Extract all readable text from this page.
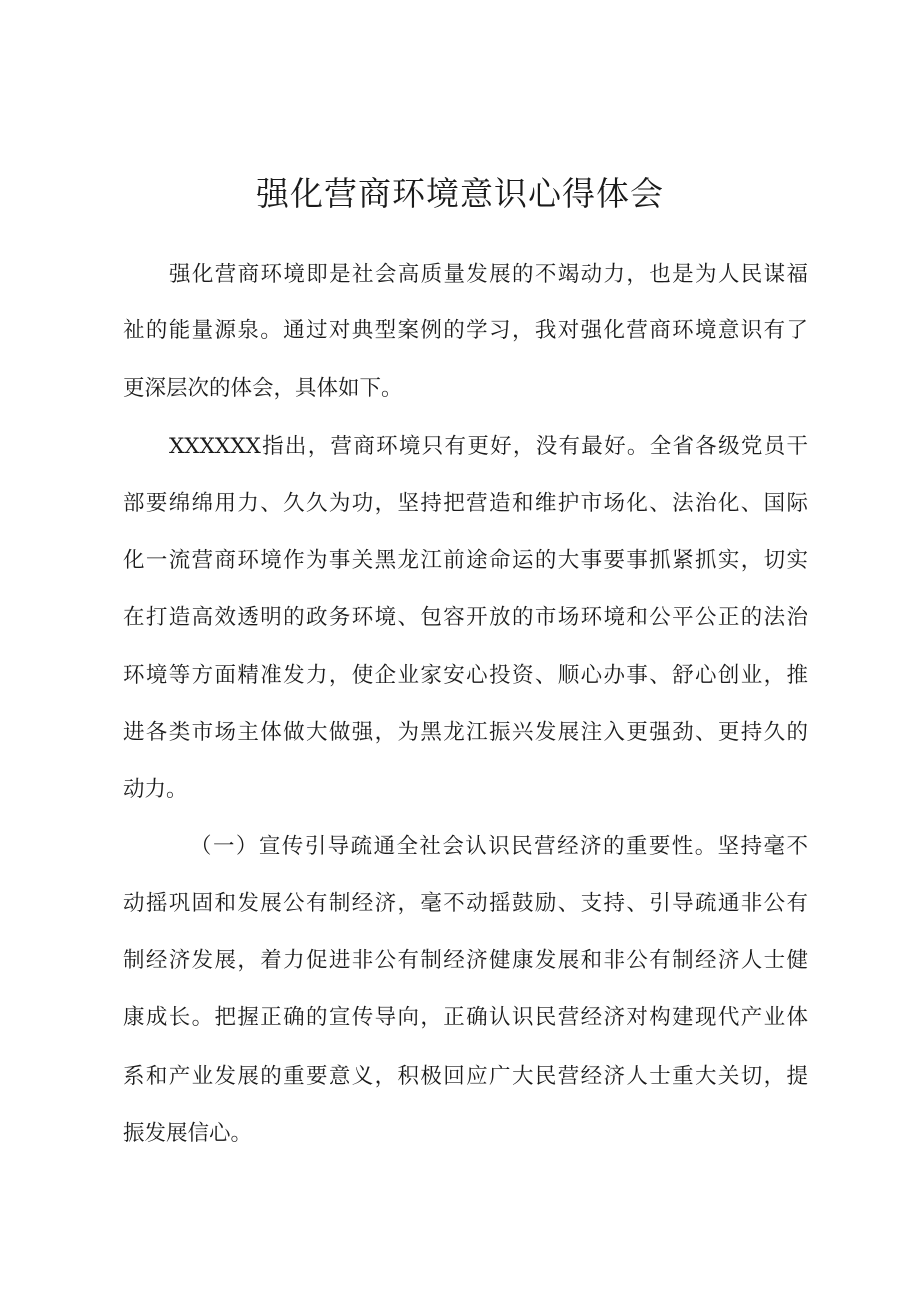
强化营商环境意识心得体会

强化营商环境即是社会高质量发展的不竭动力，也是为人民谋福

祉的能量源泉。通过对典型案例的学习，我对强化营商环境意识有了

更深层次的体会，具体如下。

XXXXXX指出，营商环境只有更好，没有最好。全省各级党员干

部要绵绵用力、久久为功，坚持把营造和维护市场化、法治化、国际

化一流营商环境作为事关黑龙江前途命运的大事要事抓紧抓实，切实

在打造高效透明的政务环境、包容开放的市场环境和公平公正的法治

环境等方面精准发力，使企业家安心投资、顺心办事、舒心创业，推

进各类市场主体做大做强，为黑龙江振兴发展注入更强劲、更持久的

动力。

（一）宣传引导疏通全社会认识民营经济的重要性。坚持毫不

动摇巩固和发展公有制经济，毫不动摇鼓励、支持、引导疏通非公有

制经济发展，着力促进非公有制经济健康发展和非公有制经济人士健

康成长。把握正确的宣传导向，正确认识民营经济对构建现代产业体

系和产业发展的重要意义，积极回应广大民营经济人士重大关切，提

振发展信心。
